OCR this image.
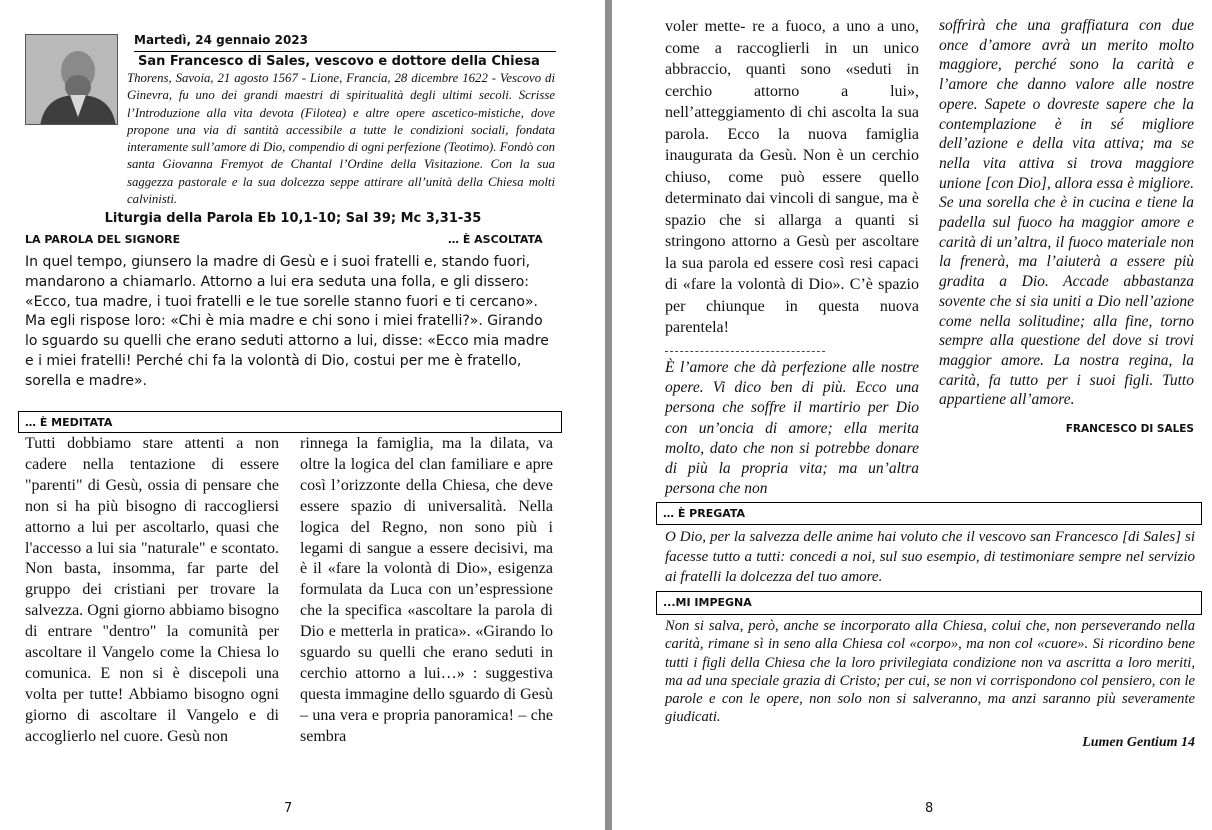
Martedì, 24 gennaio 2023
San Francesco di Sales, vescovo e dottore della Chiesa
Thorens, Savoia, 21 agosto 1567 - Lione, Francia, 28 dicembre 1622 - Vescovo di Ginevra, fu uno dei grandi maestri di spiritualità degli ultimi secoli. Scrisse l’Introduzione alla vita devota (Filotea) e altre opere ascetico-mistiche, dove propone una via di santità accessibile a tutte le condizioni sociali, fondata interamente sull’amore di Dio, compendio di ogni perfezione (Teotimo). Fondò con santa Giovanna Fremyot de Chantal l’Ordine della Visitazione. Con la sua saggezza pastorale e la sua dolcezza seppe attirare all’unità della Chiesa molti calvinisti.
Liturgia della Parola Eb 10,1-10; Sal 39; Mc 3,31-35
LA PAROLA DEL SIGNORE	… È ASCOLTATA
In quel tempo, giunsero la madre di Gesù e i suoi fratelli e, stando fuori, mandarono a chiamarlo. Attorno a lui era seduta una folla, e gli dissero: «Ecco, tua madre, i tuoi fratelli e le tue sorelle stanno fuori e ti cercano».
Ma egli rispose loro: «Chi è mia madre e chi sono i miei fratelli?». Girando lo sguardo su quelli che erano seduti attorno a lui, disse: «Ecco mia madre e i miei fratelli! Perché chi fa la volontà di Dio, costui per me è fratello, sorella e madre».
… È MEDITATA
Tutti dobbiamo stare attenti a non cadere nella tentazione di essere "parenti" di Gesù, ossia di pensare che non si ha più bisogno di raccogliersi attorno a lui per ascoltarlo, quasi che l'accesso a lui sia "naturale" e scontato. Non basta, insomma, far parte del gruppo dei cristiani per trovare la salvezza. Ogni giorno abbiamo bisogno di entrare "dentro" la comunità per ascoltare il Vangelo come la Chiesa lo comunica. E non si è discepoli una volta per tutte! Abbiamo bisogno ogni giorno di ascoltare il Vangelo e di accoglierlo nel cuore. Gesù non
rinnega la famiglia, ma la dilata, va oltre la logica del clan familiare e apre così l’orizzonte della Chiesa, che deve essere spazio di universalità. Nella logica del Regno, non sono più i legami di sangue a essere decisivi, ma è il «fare la volontà di Dio», esigenza formulata da Luca con un’espressione che la specifica «ascoltare la parola di Dio e metterla in pratica». «Girando lo sguardo su quelli che erano seduti in cerchio attorno a lui…» : suggestiva questa immagine dello sguardo di Gesù – una vera e propria panoramica! – che sembra
7
voler mette- re a fuoco, a uno a uno, come a raccoglierli in un unico abbraccio, quanti sono «seduti in cerchio attorno a lui», nell’atteggiamento di chi ascolta la sua parola. Ecco la nuova famiglia inaugurata da Gesù. Non è un cerchio chiuso, come può essere quello determinato dai vincoli di sangue, ma è spazio che si allarga a quanti si stringono attorno a Gesù per ascoltare la sua parola ed essere così resi capaci di «fare la volontà di Dio». C’è spazio per chiunque in questa nuova parentela!
È l’amore che dà perfezione alle nostre opere. Vi dico ben di più. Ecco una persona che soffre il martirio per Dio con un’oncia di amore; ella merita molto, dato che non si potrebbe donare di più la propria vita; ma un’altra persona che non
soffrirà che una graffiatura con due once d’amore avrà un merito molto maggiore, perché sono la carità e l’amore che danno valore alle nostre opere. Sapete o dovreste sapere che la contemplazione è in sé migliore dell’azione e della vita attiva; ma se nella vita attiva si trova maggiore unione [con Dio], allora essa è migliore. Se una sorella che è in cucina e tiene la padella sul fuoco ha maggior amore e carità di un’altra, il fuoco materiale non la frenerà, ma l’aiuterà a essere più gradita a Dio. Accade abbastanza sovente che si sia uniti a Dio nell’azione come nella solitudine; alla fine, torno sempre alla questione del dove si trovi maggior amore. La nostra regina, la carità, fa tutto per i suoi figli. Tutto appartiene all’amore.
FRANCESCO DI SALES
… È PREGATA
O Dio, per la salvezza delle anime hai voluto che il vescovo san Francesco [di Sales] si facesse tutto a tutti: concedi a noi, sul suo esempio, di testimoniare sempre nel servizio ai fratelli la dolcezza del tuo amore.
...MI IMPEGNA
Non si salva, però, anche se incorporato alla Chiesa, colui che, non perseverando nella carità, rimane sì in seno alla Chiesa col «corpo», ma non col «cuore». Si ricordino bene tutti i figli della Chiesa che la loro privilegiata condizione non va ascritta a loro meriti, ma ad una speciale grazia di Cristo; per cui, se non vi corrispondono col pensiero, con le parole e con le opere, non solo non si salveranno, ma anzi saranno più severamente giudicati.
Lumen Gentium 14
8
